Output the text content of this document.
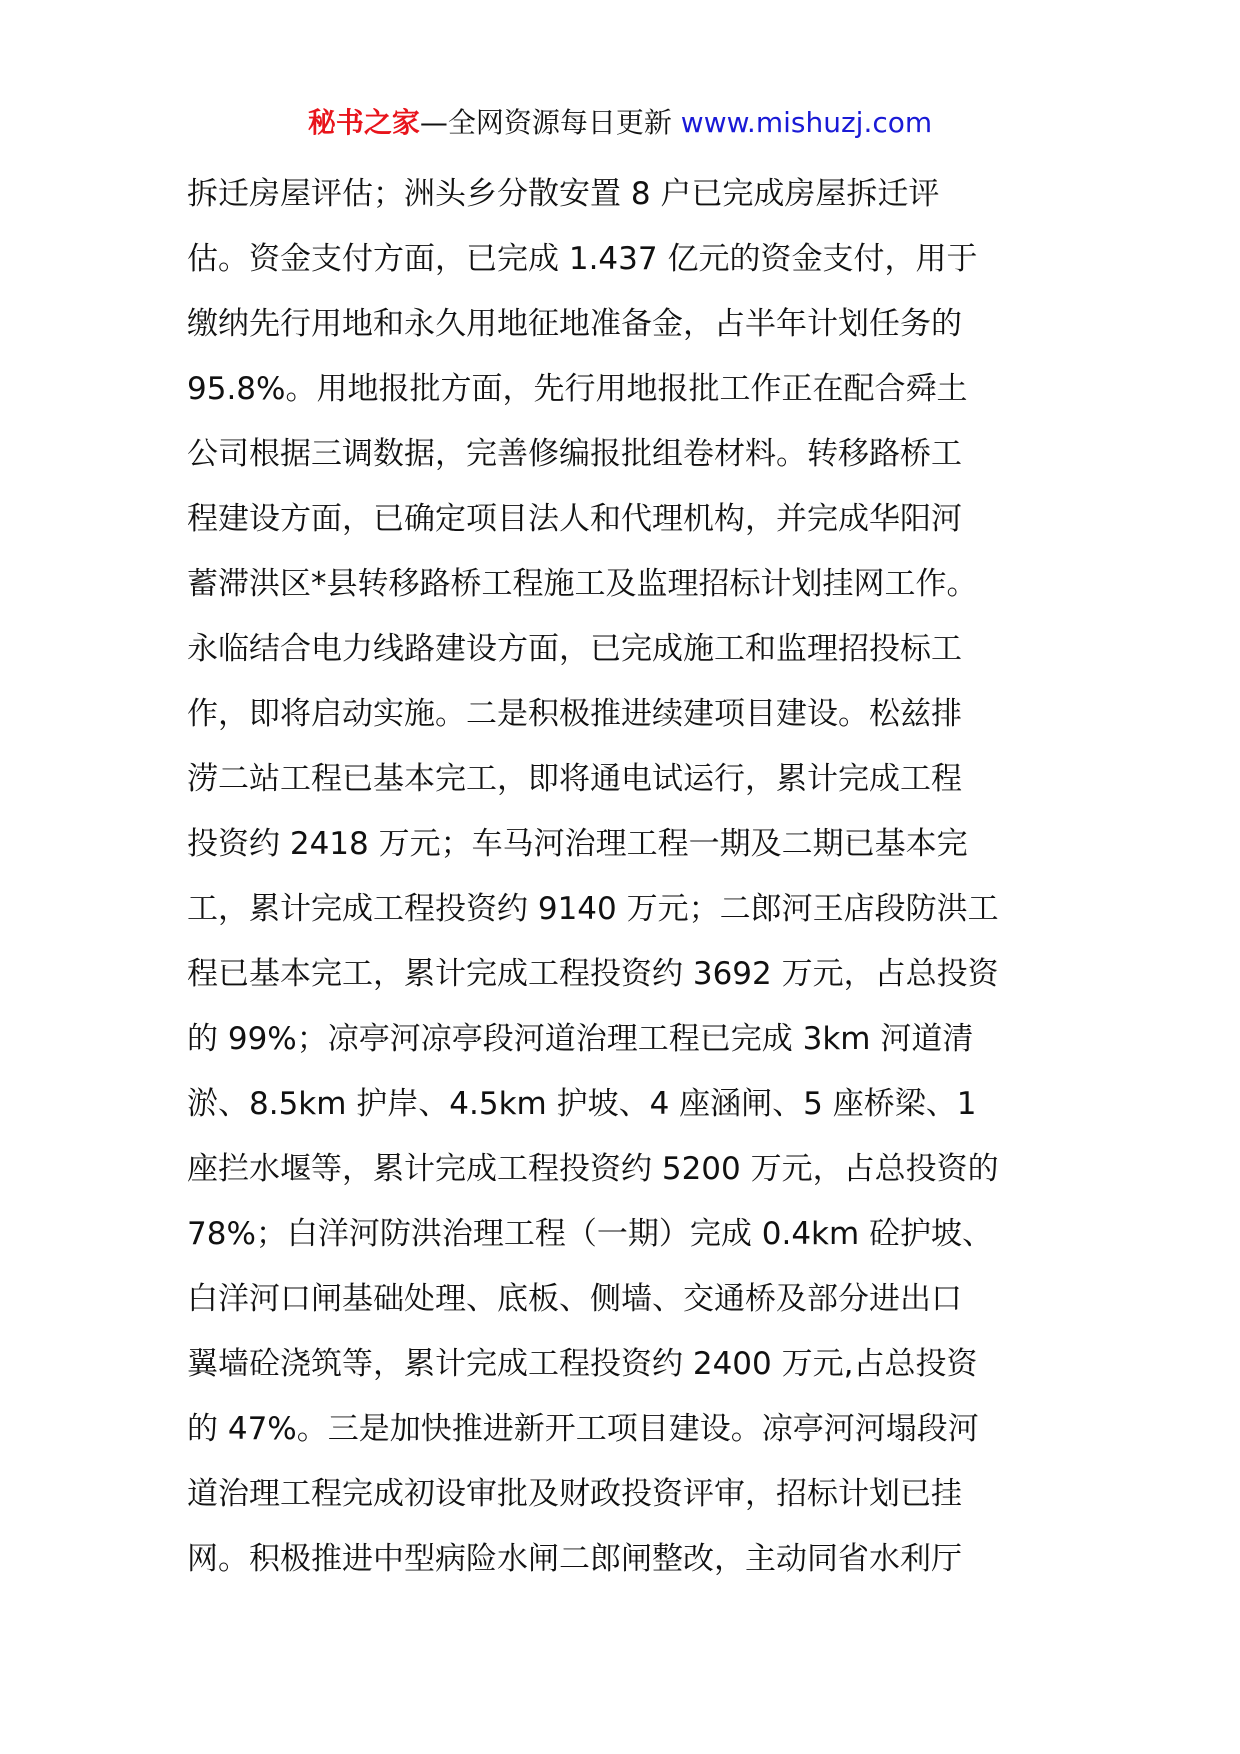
秘书之家—全网资源每日更新 www.mishuzj.com
拆迁房屋评估；洲头乡分散安置 8 户已完成房屋拆迁评
估。资金支付方面，已完成 1.437 亿元的资金支付，用于
缴纳先行用地和永久用地征地准备金，占半年计划任务的
95.8%。用地报批方面，先行用地报批工作正在配合舜土
公司根据三调数据，完善修编报批组卷材料。转移路桥工
程建设方面，已确定项目法人和代理机构，并完成华阳河
蓄滞洪区*县转移路桥工程施工及监理招标计划挂网工作。
永临结合电力线路建设方面，已完成施工和监理招投标工
作，即将启动实施。二是积极推进续建项目建设。松兹排
涝二站工程已基本完工，即将通电试运行，累计完成工程
投资约 2418 万元；车马河治理工程一期及二期已基本完
工，累计完成工程投资约 9140 万元；二郎河王店段防洪工
程已基本完工，累计完成工程投资约 3692 万元，占总投资
的 99%；凉亭河凉亭段河道治理工程已完成 3km 河道清
淤、8.5km 护岸、4.5km 护坡、4 座涵闸、5 座桥梁、1
座拦水堰等，累计完成工程投资约 5200 万元，占总投资的
78%；白洋河防洪治理工程（一期）完成 0.4km 砼护坡、
白洋河口闸基础处理、底板、侧墙、交通桥及部分进出口
翼墙砼浇筑等，累计完成工程投资约 2400 万元,占总投资
的 47%。三是加快推进新开工项目建设。凉亭河河塌段河
道治理工程完成初设审批及财政投资评审，招标计划已挂
网。积极推进中型病险水闸二郎闸整改，主动同省水利厅
